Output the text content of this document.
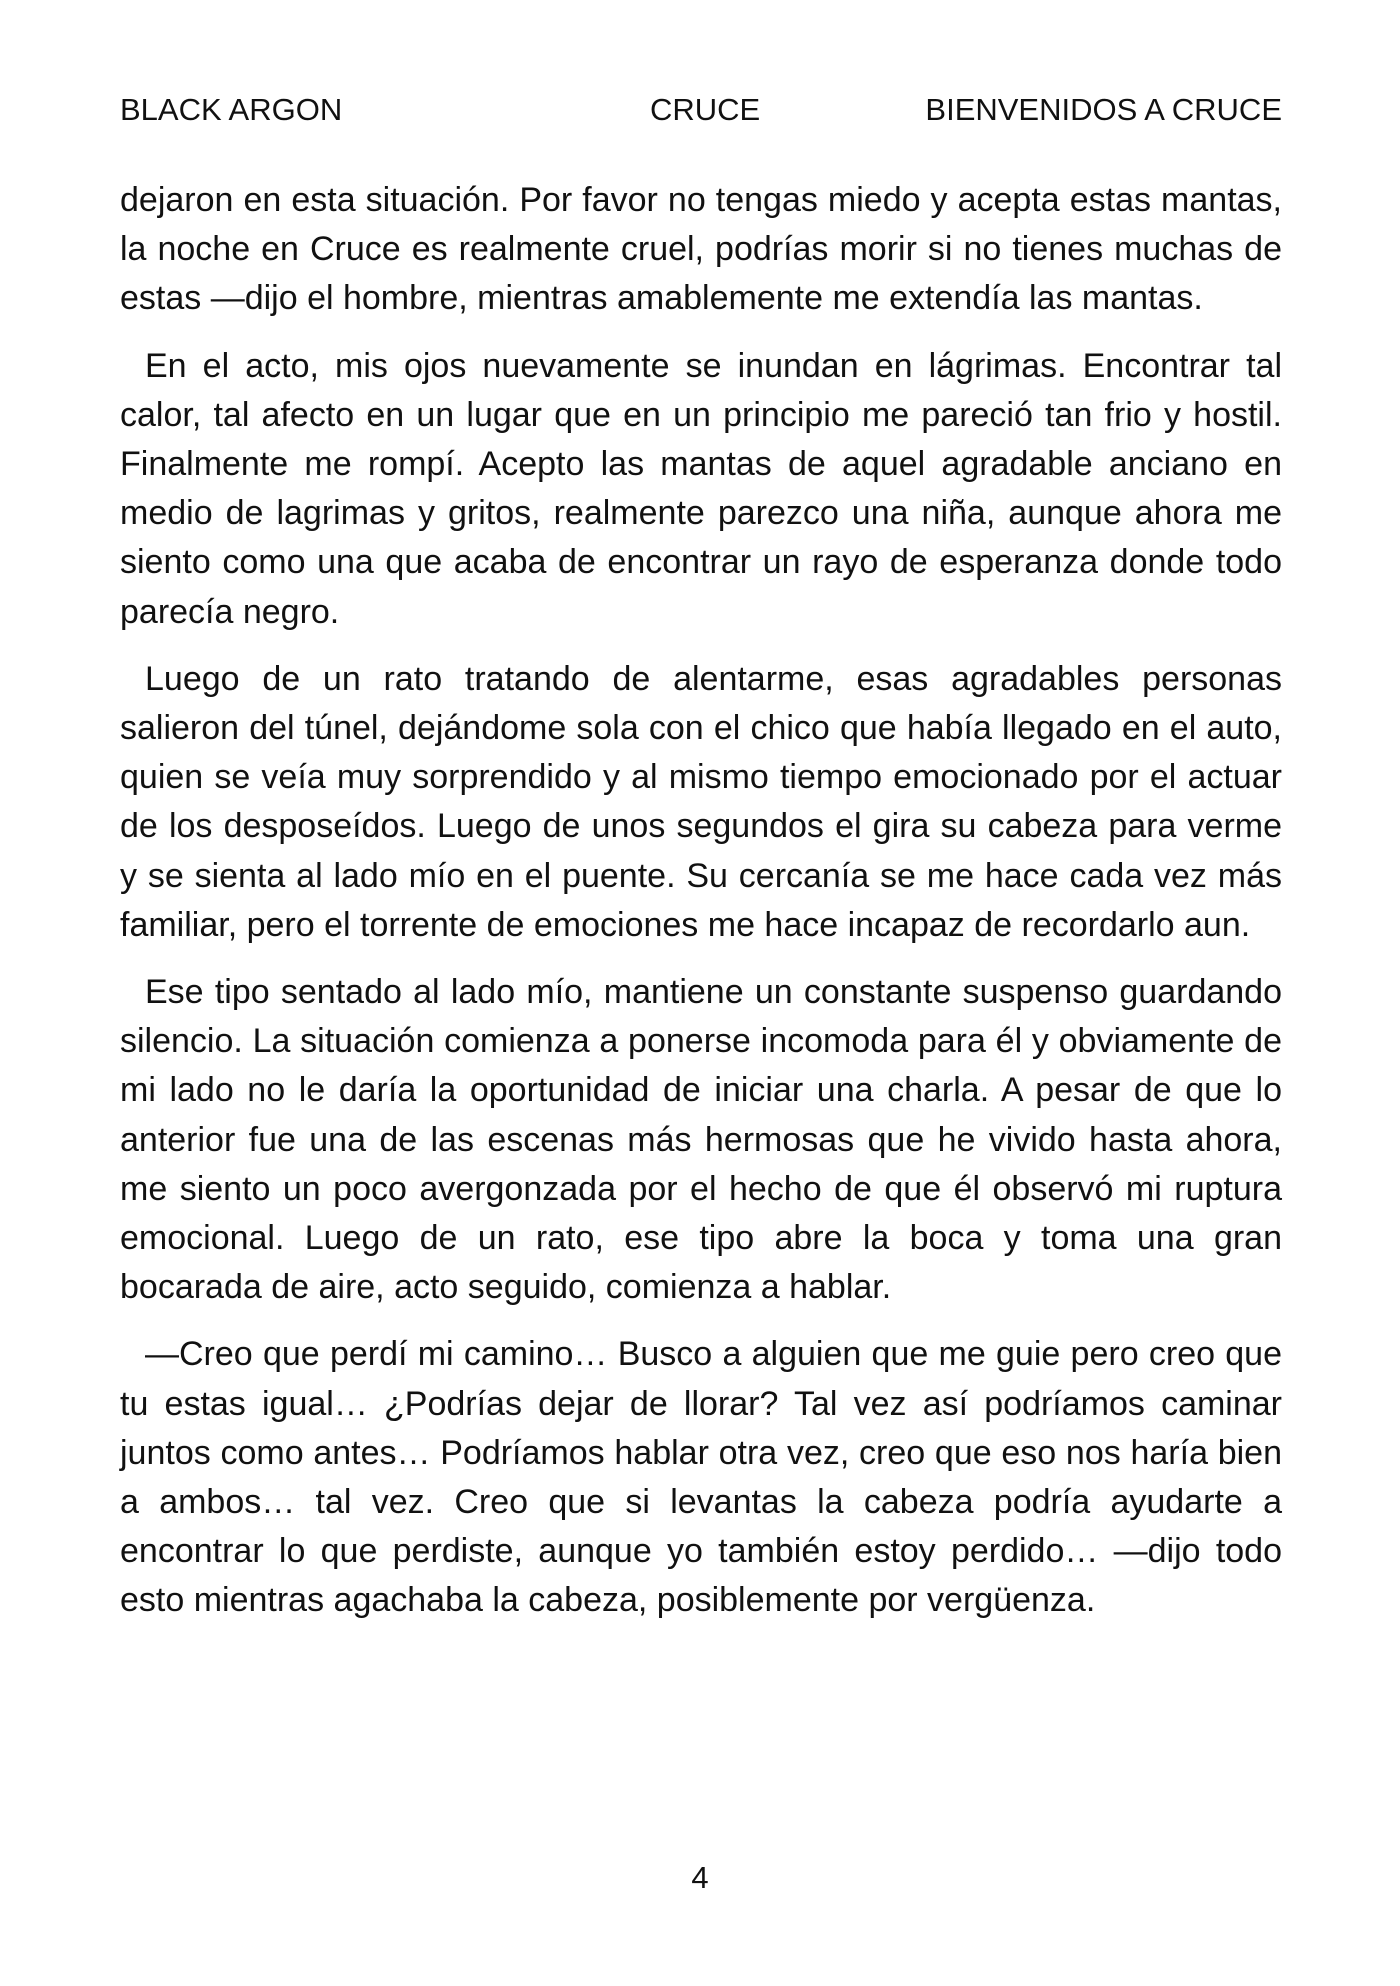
BLACK ARGON	CRUCE	BIENVENIDOS A CRUCE

dejaron en esta situación. Por favor no tengas miedo y acepta estas mantas, la noche en Cruce es realmente cruel, podrías morir si no tienes muchas de estas —dijo el hombre, mientras amablemente me extendía las mantas.

En el acto, mis ojos nuevamente se inundan en lágrimas. Encontrar tal calor, tal afecto en un lugar que en un principio me pareció tan frio y hostil. Finalmente me rompí. Acepto las mantas de aquel agradable anciano en medio de lagrimas y gritos, realmente parezco una niña, aunque ahora me siento como una que acaba de encontrar un rayo de esperanza donde todo parecía negro.

Luego de un rato tratando de alentarme, esas agradables personas salieron del túnel, dejándome sola con el chico que había llegado en el auto, quien se veía muy sorprendido y al mismo tiempo emocionado por el actuar de los desposeídos. Luego de unos segundos el gira su cabeza para verme y se sienta al lado mío en el puente. Su cercanía se me hace cada vez más familiar, pero el torrente de emociones me hace incapaz de recordarlo aun.

Ese tipo sentado al lado mío, mantiene un constante suspenso guardando silencio. La situación comienza a ponerse incomoda para él y obviamente de mi lado no le daría la oportunidad de iniciar una charla. A pesar de que lo anterior fue una de las escenas más hermosas que he vivido hasta ahora, me siento un poco avergonzada por el hecho de que él observó mi ruptura emocional. Luego de un rato, ese tipo abre la boca y toma una gran bocarada de aire, acto seguido, comienza a hablar.

—Creo que perdí mi camino… Busco a alguien que me guie pero creo que tu estas igual… ¿Podrías dejar de llorar? Tal vez así podríamos caminar juntos como antes… Podríamos hablar otra vez, creo que eso nos haría bien a ambos… tal vez. Creo que si levantas la cabeza podría ayudarte a encontrar lo que perdiste, aunque yo también estoy perdido… —dijo todo esto mientras agachaba la cabeza, posiblemente por vergüenza.

4
